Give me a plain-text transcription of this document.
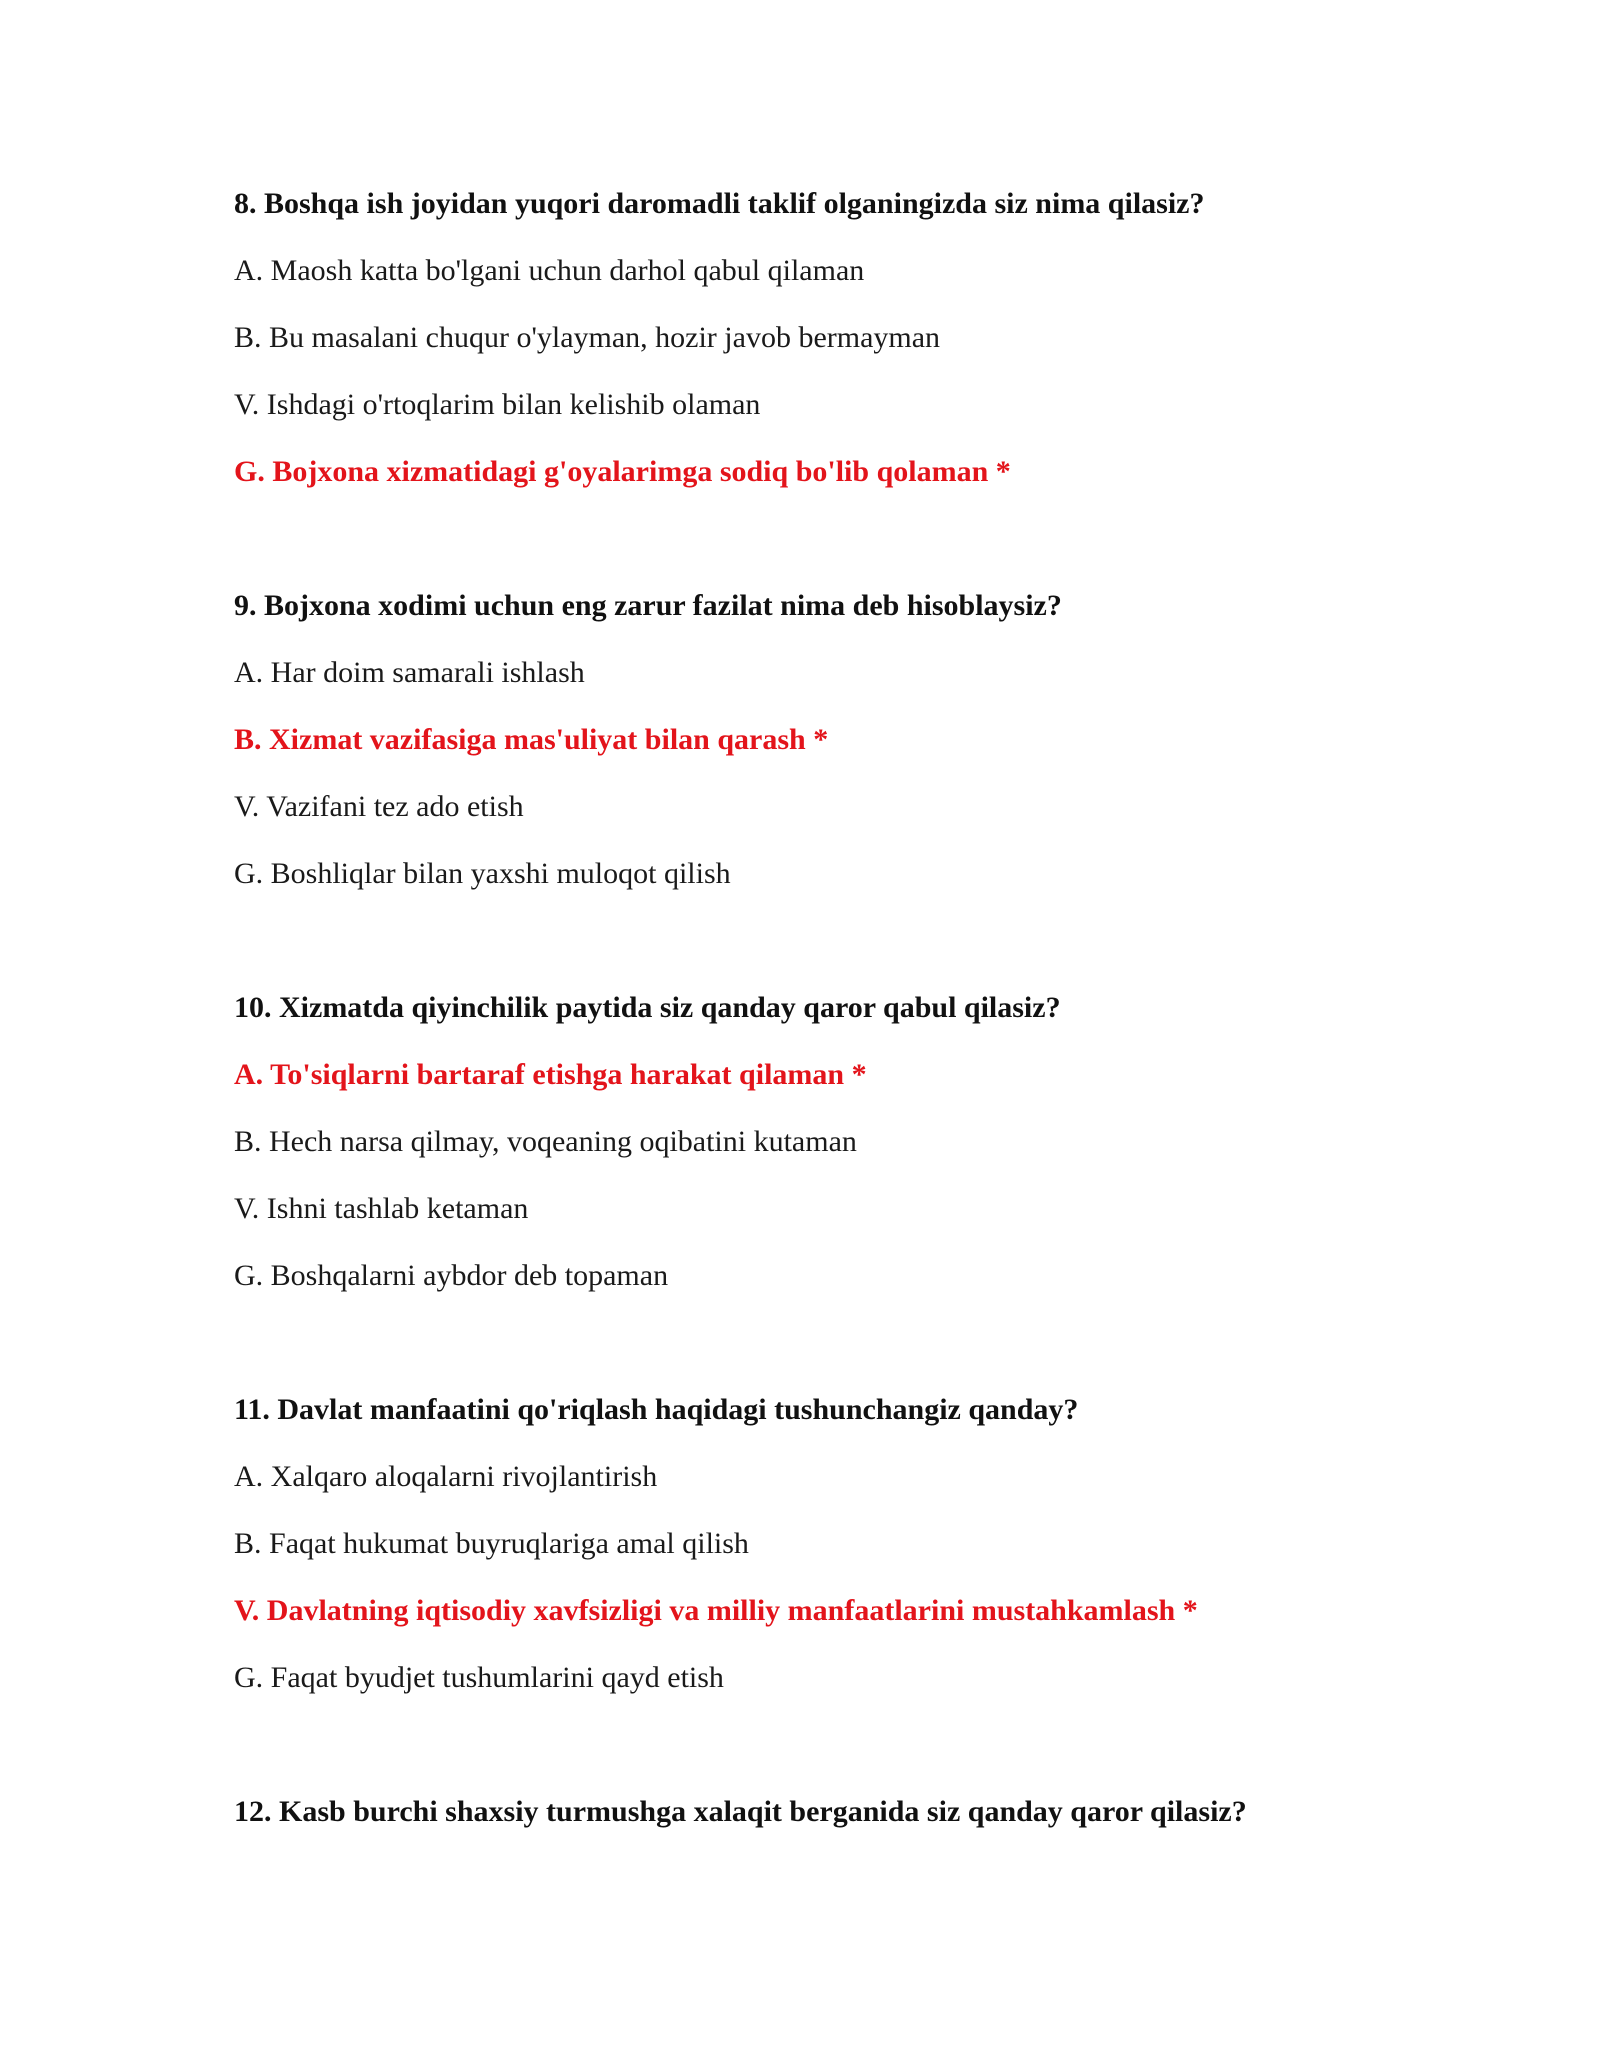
8. Boshqa ish joyidan yuqori daromadli taklif olganingizda siz nima qilasiz?
A. Maosh katta bo'lgani uchun darhol qabul qilaman
B. Bu masalani chuqur o'ylayman, hozir javob bermayman
V. Ishdagi o'rtoqlarim bilan kelishib olaman
G. Bojxona xizmatidagi g'oyalarimga sodiq bo'lib qolaman *
9. Bojxona xodimi uchun eng zarur fazilat nima deb hisoblaysiz?
A. Har doim samarali ishlash
B. Xizmat vazifasiga mas'uliyat bilan qarash *
V. Vazifani tez ado etish
G. Boshliqlar bilan yaxshi muloqot qilish
10. Xizmatda qiyinchilik paytida siz qanday qaror qabul qilasiz?
A. To'siqlarni bartaraf etishga harakat qilaman *
B. Hech narsa qilmay, voqeaning oqibatini kutaman
V. Ishni tashlab ketaman
G. Boshqalarni aybdor deb topaman
11. Davlat manfaatini qo'riqlash haqidagi tushunchangiz qanday?
A. Xalqaro aloqalarni rivojlantirish
B. Faqat hukumat buyruqlariga amal qilish
V. Davlatning iqtisodiy xavfsizligi va milliy manfaatlarini mustahkamlash *
G. Faqat byudjet tushumlarini qayd etish
12. Kasb burchi shaxsiy turmushga xalaqit berganida siz qanday qaror qilasiz?
